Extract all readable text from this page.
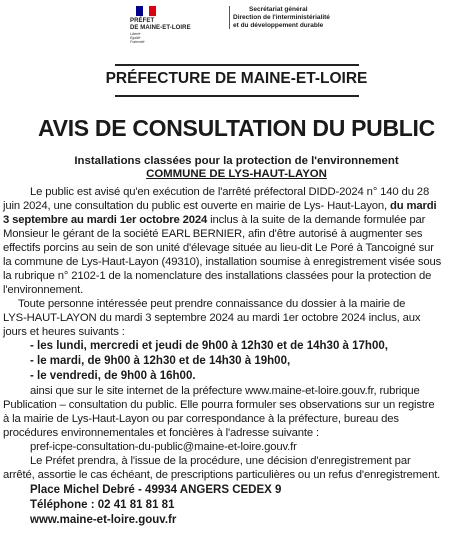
PRÉFET
DE MAINE-ET-LOIRE
Liberté
Égalité
Fraternité
Secrétariat général
Direction de l'interministérialité
et du développement durable
PRÉFECTURE DE MAINE-ET-LOIRE
AVIS DE CONSULTATION DU PUBLIC
Installations classées pour la protection de l'environnement
COMMUNE DE LYS-HAUT-LAYON
Le public est avisé qu'en exécution de l'arrêté préfectoral DIDD-2024 n° 140 du 28
juin 2024, une consultation du public est ouverte en mairie de Lys- Haut-Layon, du mardi
3 septembre au mardi 1er octobre 2024 inclus à la suite de la demande formulée par
Monsieur le gérant de la société EARL BERNIER, afin d'être autorisé à augmenter ses
effectifs porcins au sein de son unité d'élevage située au lieu-dit Le Poré à Tancoigné sur
la commune de Lys-Haut-Layon (49310), installation soumise à enregistrement visée sous
la rubrique n° 2102-1 de la nomenclature des installations classées pour la protection de
l'environnement.
Toute personne intéressée peut prendre connaissance du dossier à la mairie de
LYS-HAUT-LAYON du mardi 3 septembre 2024 au mardi 1er octobre 2024 inclus, aux
jours et heures suivants :
- les lundi, mercredi et jeudi de 9h00 à 12h30 et de 14h30 à 17h00,
- le mardi, de 9h00 à 12h30 et de 14h30 à 19h00,
- le vendredi, de 9h00 à 16h00.
ainsi que sur le site internet de la préfecture www.maine-et-loire.gouv.fr, rubrique
Publication – consultation du public. Elle pourra formuler ses observations sur un registre
à la mairie de Lys-Haut-Layon ou par correspondance à la préfecture, bureau des
procédures environnementales et foncières à l'adresse suivante :
pref-icpe-consultation-du-public@maine-et-loire.gouv.fr
Le Préfet prendra, à l'issue de la procédure, une décision d'enregistrement par
arrêté, assortie le cas échéant, de prescriptions particulières ou un refus d'enregistrement.
Place Michel Debré - 49934 ANGERS CEDEX 9
Téléphone : 02 41 81 81 81
www.maine-et-loire.gouv.fr
